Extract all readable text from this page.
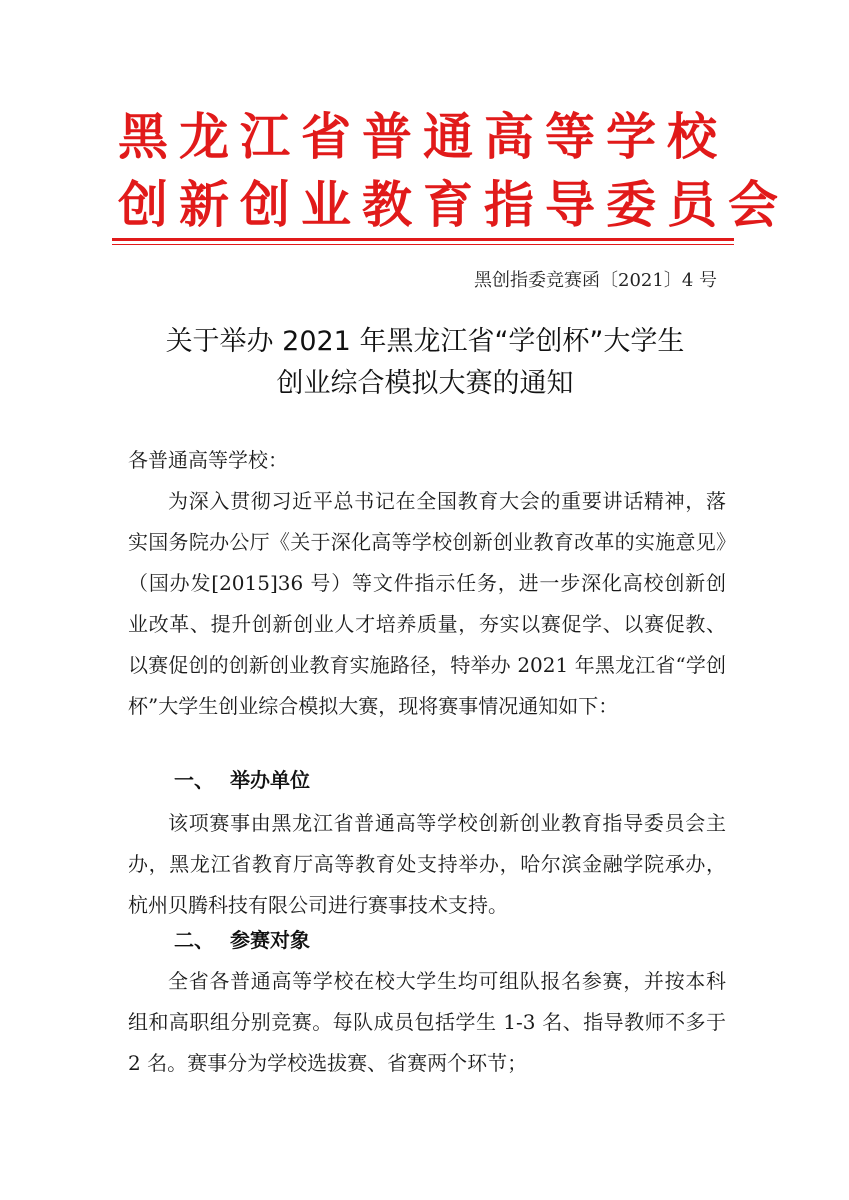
黑龙江省普通高等学校
创新创业教育指导委员会
黑创指委竞赛函〔2021〕4 号
关于举办 2021 年黑龙江省“学创杯”大学生
创业综合模拟大赛的通知
各普通高等学校：

为深入贯彻习近平总书记在全国教育大会的重要讲话精神，落实国务院办公厅《关于深化高等学校创新创业教育改革的实施意见》（国办发[2015]36 号）等文件指示任务，进一步深化高校创新创业改革、提升创新创业人才培养质量，夯实以赛促学、以赛促教、以赛促创的创新创业教育实施路径，特举办 2021 年黑龙江省“学创杯”大学生创业综合模拟大赛，现将赛事情况通知如下：

一、 举办单位

该项赛事由黑龙江省普通高等学校创新创业教育指导委员会主办，黑龙江省教育厅高等教育处支持举办，哈尔滨金融学院承办，杭州贝腾科技有限公司进行赛事技术支持。

二、 参赛对象

全省各普通高等学校在校大学生均可组队报名参赛，并按本科组和高职组分别竞赛。每队成员包括学生 1-3 名、指导教师不多于 2 名。赛事分为学校选拔赛、省赛两个环节；
